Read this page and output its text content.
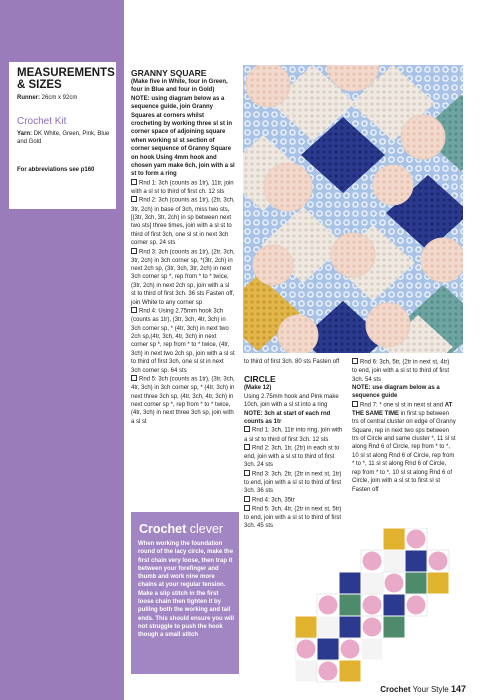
MEASUREMENTS & SIZES
Runner: 26cm x 92cm
Crochet Kit
Yarn: DK White, Green, Pink, Blue and Gold
For abbreviations see p160

GRANNY SQUARE

(Make five in White, four in Green, four in Blue and four in Gold)

NOTE: using diagram below as a sequence guide, join Granny Squares at corners whilst crocheting by working three sl st in corner space of adjoining square when working sl st section of corner sequence of Granny Square on hook Using 4mm hook and chosen yarn make 6ch, join with a sl st to form a ring

Rnd 1: 3ch (counts as 1tr), 11tr, join with a sl st to third of first ch. 12 sts

Rnd 2: 3ch (counts as 1tr), (2tr, 3ch, 3tr, 2ch) in base of 3ch, miss two sts, [(3tr, 3ch, 3tr, 2ch) in sp between next two sts] three times, join with a sl st to third of first 3ch, one sl st in next 3ch corner sp. 24 sts

Rnd 3: 3ch (counts as 1tr), (2tr, 3ch, 3tr, 2ch) in 3ch corner sp, *(3tr, 2ch) in next 2ch sp, (3tr, 3ch, 3tr, 2ch) in next 3ch corner sp *, rep from * to * twice, (3tr, 2ch) in next 2ch sp, join with a sl st to third of first 3ch. 36 sts Fasten off, join White to any corner sp

Rnd 4: Using 2.75mm hook 3ch (counts as 1tr), (3tr, 3ch, 4tr, 3ch) in 3ch corner sp, * (4tr, 3ch) in next two 2ch sp,(4tr, 3ch, 4tr, 3ch) in next corner sp *, rep from * to * twice, (4tr, 3ch) in next two 2ch sp, join with a sl st to third of first 3ch, one sl st in next 3ch corner sp. 64 sts

Rnd 5: 3ch (counts as 1tr), (3tr, 3ch, 4tr, 3ch) in 3ch corner sp, * (4tr, 3ch) in next three 3ch sp, (4tr, 3ch, 4tr, 3ch) in next corner sp *, rep from * to * twice, (4tr, 3ch) in next three 3ch sp, join with a sl st

to third of first 3ch. 80 sts Fasten off

CIRCLE

(Make 12)

Using 2.75mm hook and Pink make 10ch, join with a sl st into a ring

NOTE: 3ch at start of each rnd counts as 1tr

Rnd 1: 3ch, 11tr into ring, join with a sl st to third of first 3ch. 12 sts

Rnd 2: 3ch, 1tr, (2tr) in each st to end, join with a sl st to third of first 3ch. 24 sts

Rnd 3: 3ch, 2tr, (2tr in next st, 1tr) to end, join with a sl st to third of first 3ch. 36 sts

Rnd 4: 3ch, 35tr

Rnd 5: 3ch, 4tr, (2tr in next st, 5tr) to end, join with a sl st to third of first 3ch. 45 sts

Rnd 6: 3ch, 5tr, (2tr in next st, 4tr) to end, join with a sl st to third of first 3ch. 54 sts

NOTE: use diagram below as a sequence guide

Rnd 7: * one sl st in next st and AT THE SAME TIME in first sp between trs of central cluster on edge of Granny Square, rep in next two sps between trs of Circle and same cluster *, 11 sl st along Rnd 6 of Circle, rep from * to *, 10 sl st along Rnd 6 of Circle, rep from * to *, 11 sl st along Rnd 6 of Circle, rep from * to *, 10 sl st along Rnd 6 of Circle, join with a sl st to first sl st Fasten off

Crochet clever
When working the foundation round of the lacy circle, make the first chain very loose, then trap it between your forefinger and thumb and work nine more chains at your regular tension. Make a slip stitch in the first loose chain then tighten it by pulling both the working and tail ends. This should ensure you will not struggle to push the hook though a small stitch
Crochet Your Style 147
